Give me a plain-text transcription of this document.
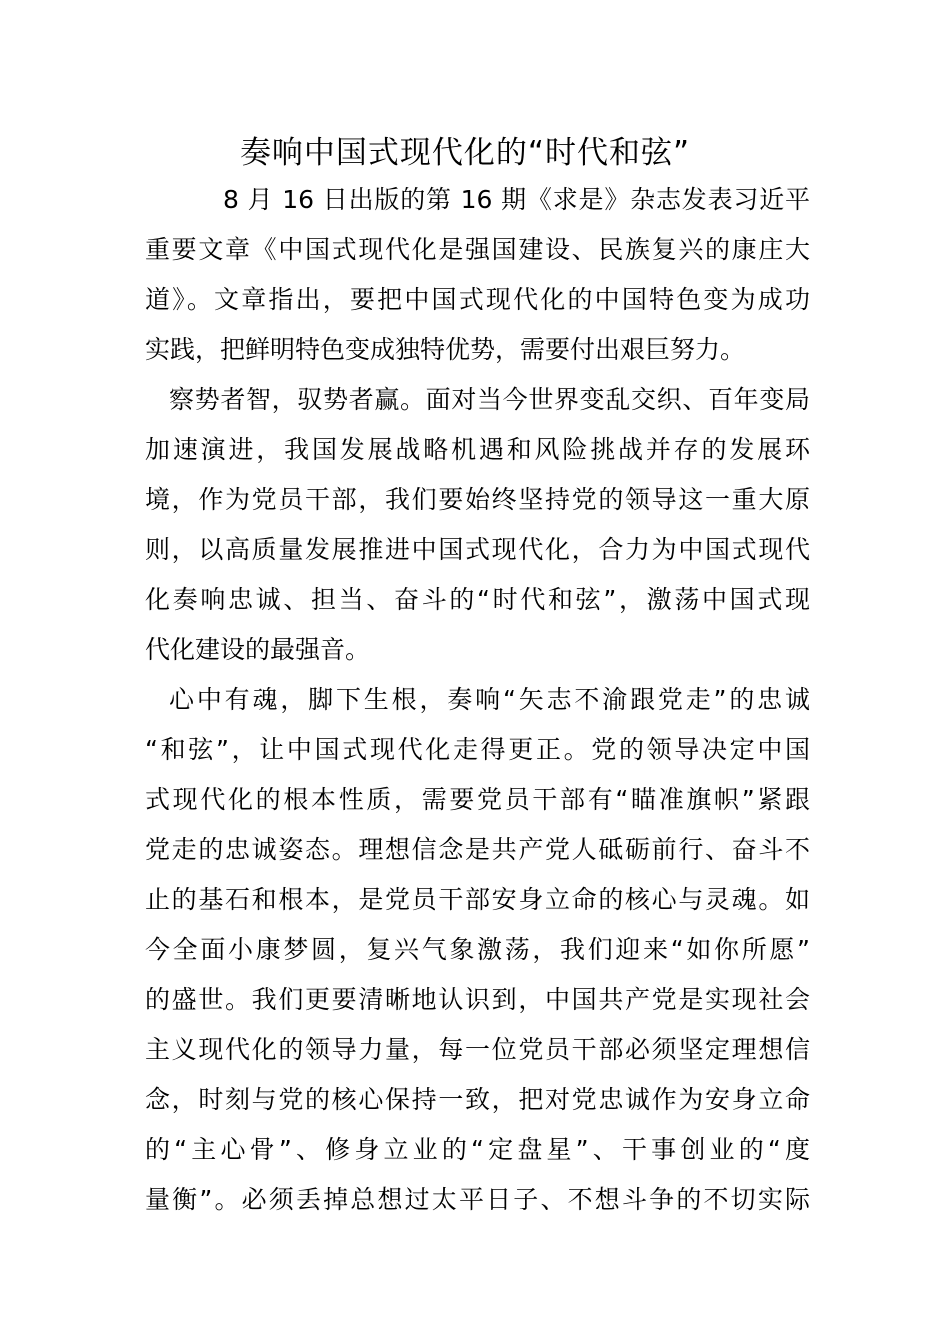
奏响中国式现代化的“时代和弦”
8 月 16 日出版的第 16 期《求是》杂志发表习近平
重要文章《中国式现代化是强国建设、民族复兴的康庄大
道》。文章指出，要把中国式现代化的中国特色变为成功
实践，把鲜明特色变成独特优势，需要付出艰巨努力。
察势者智，驭势者赢。面对当今世界变乱交织、百年变局
加速演进，我国发展战略机遇和风险挑战并存的发展环
境，作为党员干部，我们要始终坚持党的领导这一重大原
则，以高质量发展推进中国式现代化，合力为中国式现代
化奏响忠诚、担当、奋斗的“时代和弦”，激荡中国式现
代化建设的最强音。
心中有魂，脚下生根，奏响“矢志不渝跟党走”的忠诚
“和弦”，让中国式现代化走得更正。党的领导决定中国
式现代化的根本性质，需要党员干部有“瞄准旗帜”紧跟
党走的忠诚姿态。理想信念是共产党人砥砺前行、奋斗不
止的基石和根本，是党员干部安身立命的核心与灵魂。如
今全面小康梦圆，复兴气象激荡，我们迎来“如你所愿”
的盛世。我们更要清晰地认识到，中国共产党是实现社会
主义现代化的领导力量，每一位党员干部必须坚定理想信
念，时刻与党的核心保持一致，把对党忠诚作为安身立命
的“主心骨”、修身立业的“定盘星”、干事创业的“度
量衡”。必须丢掉总想过太平日子、不想斗争的不切实际
